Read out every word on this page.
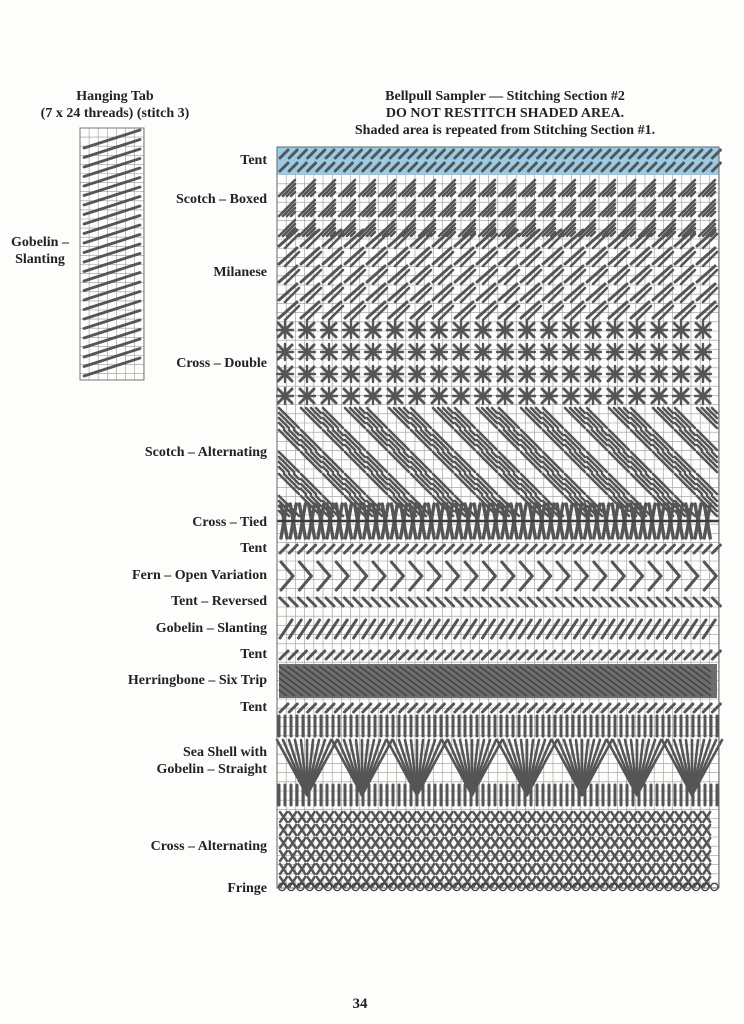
Hanging Tab
(7 x 24 threads) (stitch 3)
Bellpull Sampler — Stitching Section #2
DO NOT RESTITCH SHADED AREA.
Shaded area is repeated from Stitching Section #1.
Gobelin –
Slanting
Tent
Scotch – Boxed
Milanese
Cross – Double
Scotch – Alternating
Cross – Tied
Tent
Fern – Open Variation
Tent – Reversed
Gobelin – Slanting
Tent
Herringbone – Six Trip
Tent
Sea Shell with
Gobelin – Straight
Cross – Alternating
Fringe
34
